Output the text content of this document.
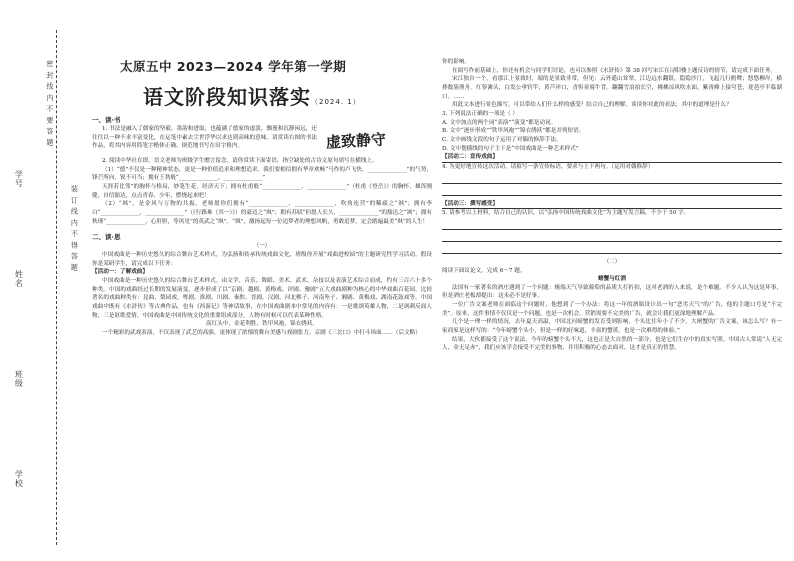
学号
姓名
班级
学校
密 封 线 内 不 要 答 题
装 订 线 内 不 得 答 题
太原五中 2023—2024 学年第一学期
语文阶段知识落实（2024. 1）
虚致静守
一、读·书
1. 书法是融入了儒家的坚毅，墨韵和进取，也蕴涵了德家的虚淡，飘逸和沉静闲远，还往往以一种不求丰富变化，在运笔中素去尘世浮华以求达到高味的意味。请赏读右图的书法作品，将其内容用简笔字楷体正确、规范地书写在田字格内。
2. 阅读中华社在即，语文老师为班级学生赠言留念。请你赏读下面寄语，指空缺处的古诗文原句填写在横线上。
（1）“德”不仅是一种精神状态，更是一种价值追求和理想追求。我们要相信拥有华章欢畅“马作的卢飞快，______________”的气势，锋芒所向，锐不可当；拥有王勃般“______________，______________”
天涯若比邻”的胸怀与格局，妙笔生花，经济天下；拥有杜甫般“______________，______________”（杜甫《登岳》）的胸怀，雄浑刚健，自信豁达，点点青春，少年，燃烧起来吧！
（2）“飒”，是金风与万物的共振。老师愿你们拥有“______________，______________，吹角连营”的稀疏之“飒”；拥有李白“______________，______________”（《行路难（其一）》）的豪迈之“飒”；拥有苏轼“但愿人长久，______________”的豁达之“飒”；拥有秋瑾“______________，心肝胆，等风见”的英武之“飒”。“飒”，激扬起每一位追梦者的理想风帆，勇敢追梦，定会踏遍最美“飒”的人生！
二、读·思
（一）
中国戏曲是一种历史悠久的综合舞台艺术样式。为弘扬和传承传统戏曲文化，班级你开展“戏曲进校园”的主题研究性学习活动。假设你是某研学生，请完成以下任务：
【活动一：了解戏曲】
中国戏曲是一种历史悠久的综合舞台艺术样式。由文学、音乐、舞蹈、美术、武术、杂技以及表演艺术综合而成，约有三百六十多个种类。中国的戏曲经过长期的发展演变，逐步形成了以“京剧、越剧、黄梅戏、评剧、豫剧”五大戏曲剧种为核心的中华戏曲百花园。比较著名的戏曲种类有：昆曲、梨园戏、粤剧、淮剧、川剧、秦腔、晋剧、汉剧、河北梆子、河南坠子、湘剧、黄梅戏、湖南花鼓戏等。中国戏曲中既有《水浒传》等古典作品，也有《西游记》等神话故事，在中国戏曲剧本中常见的内容有：一是歌颂英雄人物，二是讽刺反面人物，三是讴歌爱情。中国戏曲是中国传统文化的重要组成部分，人物有时候可以代表某种性格。
高红头中，金花利胜，铁甲风袍，锦衣绣袄。
一个精彩的武戏表演，不仅表现了武艺的高强，更体现了浓郁的舞台美感与戏剧张力。京剧《三岔口》中打斗场面……（后文略）
你的影响。
在阅写作前基础上，你还有机会与同学们讨论，也可以参照《水浒传》第 38 回写宋江在浔阳楼上题反诗的情节，请完成下面任务。
宋江独自一个，看那江上景致时，端的是景致非常。但见：云外遥山耸翠，江边远水翻银，隐隐沙汀，飞起几行鸥鹭；悠悠柳岸，横排数簇渔舟。红蓼滩头，白发公垂钓竿；黄芦岸口，青髻童骑牛背。翻翻雪浪拍长空，拂拂凉风吹水面。紫霄峰上接穹苍，琵琶亭半临湖口。……
用此文本进行景色描写，可以带给人们什么样的感受？结合自己的理解，谈谈你对此的看法，其中的道理是什么？
3. 下列说法正确的一项是（ ）
A. 文中加点的两个词“表演”“演变”都是动词。
B. 文中“逐步形成”“铁甲风袍”“锦衣绣袄”都是并列短语。
C. 文中画线文段的句子运用了对偶的修辞手法。
D. 文中划横线的句子主干是“中国戏曲是一种艺术样式”
【活动二：宣传戏曲】
4. 为更好地宣传这次活动，请拟写一条宣传标语，要求与上下两句。（运用对偶修辞）
【活动三：撰写感受】
5. 请参考以上材料，结合自己的认识，以“弘扬中国传统戏曲文化”为主题写发言稿，不少于 50 字。
（二）
阅读下面议论文，完成 6～7 题。
螃蟹与红酒
法国有一家著名的酒庄遇到了一个问题：极端天气导致葡萄的品质大打折扣，这对老酒的人来说，是个难题。不少人认为这是坏事，但是酒庄老板却提出：这未必不是好事。
一位广告文案老师在面临这个问题时，他想到了一个办法：将这一年的酒瓶设计出一句“恶劣天气”的广告，他的主题口号是“不完美”。原来，这件事情不仅仅是一个问题，也是一次机会。营销需要不完美的广告，就会让我们更深地理解产品。
几个是一理一样的情况，去年夏天高温，中国北河螃蟹的发育受到影响，个头比往年小了不少。大闸蟹的广告文案，该怎么写？有一家商家是这样写的：“今年螃蟹个头小，但是一样的好味道，丰富的蟹黄，也是一次难得的体验。”
结果，大伙都接受了这个说法。今年的螃蟹个头不大，这也正是大自然的一部分，也是它们生存中的真实写照。中国古人常说“人无完人，金无足赤”，我们应该学会接受不完美的事物，并用积极的心态去面对，这才是真正的智慧。
